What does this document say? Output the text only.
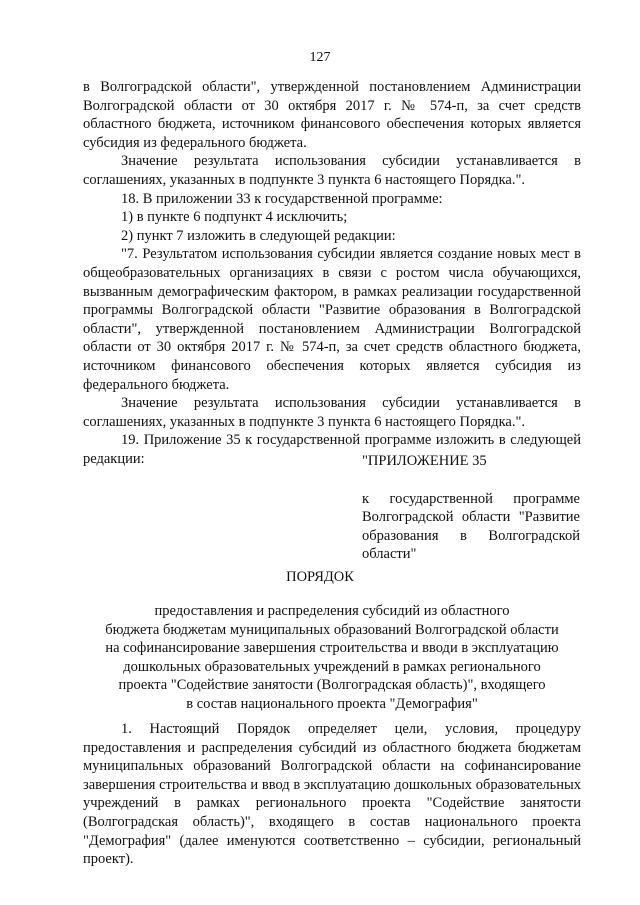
127

в Волгоградской области", утвержденной постановлением Администрации Волгоградской области от 30 октября 2017 г. № 574-п, за счет средств областного бюджета, источником финансового обеспечения которых является субсидия из федерального бюджета.

Значение результата использования субсидии устанавливается в соглашениях, указанных в подпункте 3 пункта 6 настоящего Порядка.".

18. В приложении 33 к государственной программе:

1) в пункте 6 подпункт 4 исключить;

2) пункт 7 изложить в следующей редакции:

"7. Результатом использования субсидии является создание новых мест в общеобразовательных организациях в связи с ростом числа обучающихся, вызванным демографическим фактором, в рамках реализации государственной программы Волгоградской области "Развитие образования в Волгоградской области", утвержденной постановлением Администрации Волгоградской области от 30 октября 2017 г. № 574-п, за счет средств областного бюджета, источником финансового обеспечения которых является субсидия из федерального бюджета.

Значение результата использования субсидии устанавливается в соглашениях, указанных в подпункте 3 пункта 6 настоящего Порядка.".

19. Приложение 35 к государственной программе изложить в следующей редакции:	"ПРИЛОЖЕНИЕ 35

к государственной программе Волгоградской области "Развитие образования в Волгоградской области"

ПОРЯДОК
предоставления и распределения субсидий из областного
бюджета бюджетам муниципальных образований Волгоградской области
на софинансирование завершения строительства и вводи в эксплуатацию
дошкольных образовательных учреждений в рамках регионального
проекта "Содействие занятости (Волгоградская область)", входящего
в состав национального проекта "Демография"

1. Настоящий Порядок определяет цели, условия, процедуру предоставления и распределения субсидий из областного бюджета бюджетам муниципальных образований Волгоградской области на софинансирование завершения строительства и ввод в эксплуатацию дошкольных образовательных учреждений в рамках регионального проекта "Содействие занятости (Волгоградская область)", входящего в состав национального проекта "Демография" (далее именуются соответственно – субсидии, региональный проект).
